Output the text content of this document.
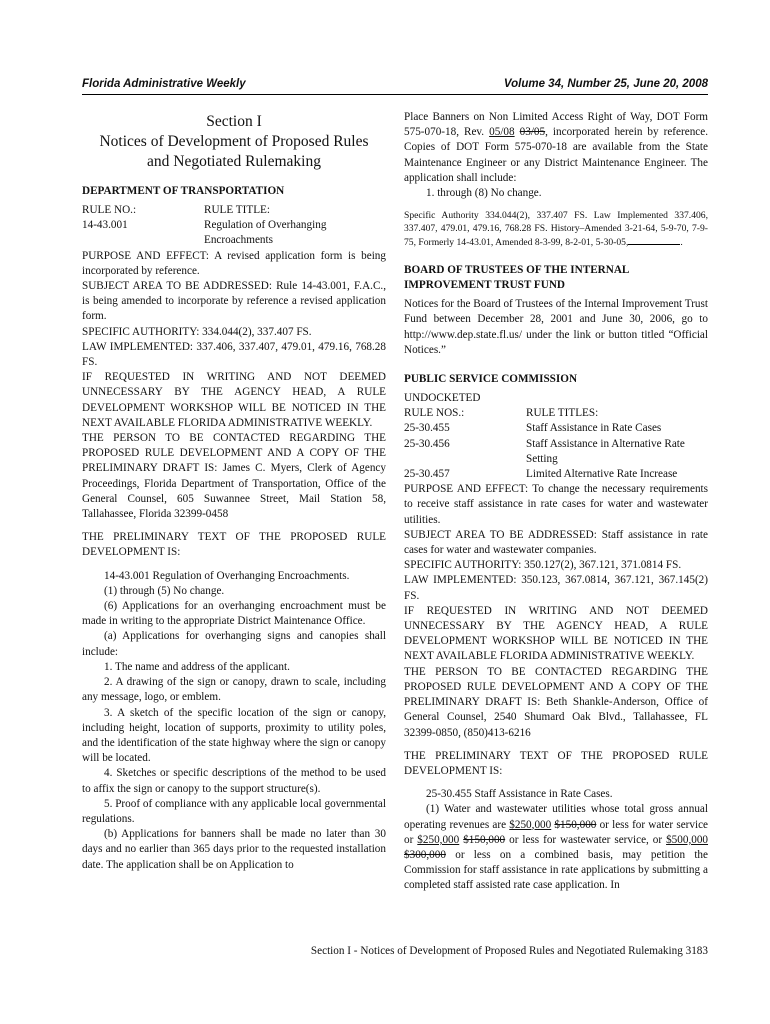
Florida Administrative Weekly	Volume 34, Number 25, June 20, 2008
Section I
Notices of Development of Proposed Rules
and Negotiated Rulemaking
DEPARTMENT OF TRANSPORTATION
RULE NO.:	RULE TITLE:
14-43.001	Regulation of Overhanging Encroachments

PURPOSE AND EFFECT: A revised application form is being incorporated by reference.

SUBJECT AREA TO BE ADDRESSED: Rule 14-43.001, F.A.C., is being amended to incorporate by reference a revised application form.

SPECIFIC AUTHORITY: 334.044(2), 337.407 FS.

LAW IMPLEMENTED: 337.406, 337.407, 479.01, 479.16, 768.28 FS.

IF REQUESTED IN WRITING AND NOT DEEMED UNNECESSARY BY THE AGENCY HEAD, A RULE DEVELOPMENT WORKSHOP WILL BE NOTICED IN THE NEXT AVAILABLE FLORIDA ADMINISTRATIVE WEEKLY.

THE PERSON TO BE CONTACTED REGARDING THE PROPOSED RULE DEVELOPMENT AND A COPY OF THE PRELIMINARY DRAFT IS: James C. Myers, Clerk of Agency Proceedings, Florida Department of Transportation, Office of the General Counsel, 605 Suwannee Street, Mail Station 58, Tallahassee, Florida 32399-0458

THE PRELIMINARY TEXT OF THE PROPOSED RULE DEVELOPMENT IS:

14-43.001 Regulation of Overhanging Encroachments.

(1) through (5) No change.

(6) Applications for an overhanging encroachment must be made in writing to the appropriate District Maintenance Office.

(a) Applications for overhanging signs and canopies shall include:

1. The name and address of the applicant.

2. A drawing of the sign or canopy, drawn to scale, including any message, logo, or emblem.

3. A sketch of the specific location of the sign or canopy, including height, location of supports, proximity to utility poles, and the identification of the state highway where the sign or canopy will be located.

4. Sketches or specific descriptions of the method to be used to affix the sign or canopy to the support structure(s).

5. Proof of compliance with any applicable local governmental regulations.

(b) Applications for banners shall be made no later than 30 days and no earlier than 365 days prior to the requested installation date. The application shall be on Application to

Place Banners on Non Limited Access Right of Way, DOT Form 575-070-18, Rev. 05/08 03/05, incorporated herein by reference. Copies of DOT Form 575-070-18 are available from the State Maintenance Engineer or any District Maintenance Engineer. The application shall include:

1. through (8) No change.

Specific Authority 334.044(2), 337.407 FS. Law Implemented 337.406, 337.407, 479.01, 479.16, 768.28 FS. History–Amended 3-21-64, 5-9-70, 7-9-75, Formerly 14-43.01, Amended 8-3-99, 8-2-01, 5-30-05,	.

BOARD OF TRUSTEES OF THE INTERNAL IMPROVEMENT TRUST FUND

Notices for the Board of Trustees of the Internal Improvement Trust Fund between December 28, 2001 and June 30, 2006, go to http://www.dep.state.fl.us/ under the link or button titled “Official Notices.”

PUBLIC SERVICE COMMISSION

UNDOCKETED

RULE NOS.:	RULE TITLES:
25-30.455	Staff Assistance in Rate Cases
25-30.456	Staff Assistance in Alternative Rate Setting
25-30.457	Limited Alternative Rate Increase

PURPOSE AND EFFECT: To change the necessary requirements to receive staff assistance in rate cases for water and wastewater utilities.

SUBJECT AREA TO BE ADDRESSED: Staff assistance in rate cases for water and wastewater companies.

SPECIFIC AUTHORITY: 350.127(2), 367.121, 371.0814 FS.

LAW IMPLEMENTED: 350.123, 367.0814, 367.121, 367.145(2) FS.

IF REQUESTED IN WRITING AND NOT DEEMED UNNECESSARY BY THE AGENCY HEAD, A RULE DEVELOPMENT WORKSHOP WILL BE NOTICED IN THE NEXT AVAILABLE FLORIDA ADMINISTRATIVE WEEKLY.

THE PERSON TO BE CONTACTED REGARDING THE PROPOSED RULE DEVELOPMENT AND A COPY OF THE PRELIMINARY DRAFT IS: Beth Shankle-Anderson, Office of General Counsel, 2540 Shumard Oak Blvd., Tallahassee, FL 32399-0850, (850)413-6216

THE PRELIMINARY TEXT OF THE PROPOSED RULE DEVELOPMENT IS:

25-30.455 Staff Assistance in Rate Cases.

(1) Water and wastewater utilities whose total gross annual operating revenues are $250,000 $150,000 or less for water service or $250,000 $150,000 or less for wastewater service, or $500,000 $300,000 or less on a combined basis, may petition the Commission for staff assistance in rate applications by submitting a completed staff assisted rate case application. In

Section I - Notices of Development of Proposed Rules and Negotiated Rulemaking 3183
